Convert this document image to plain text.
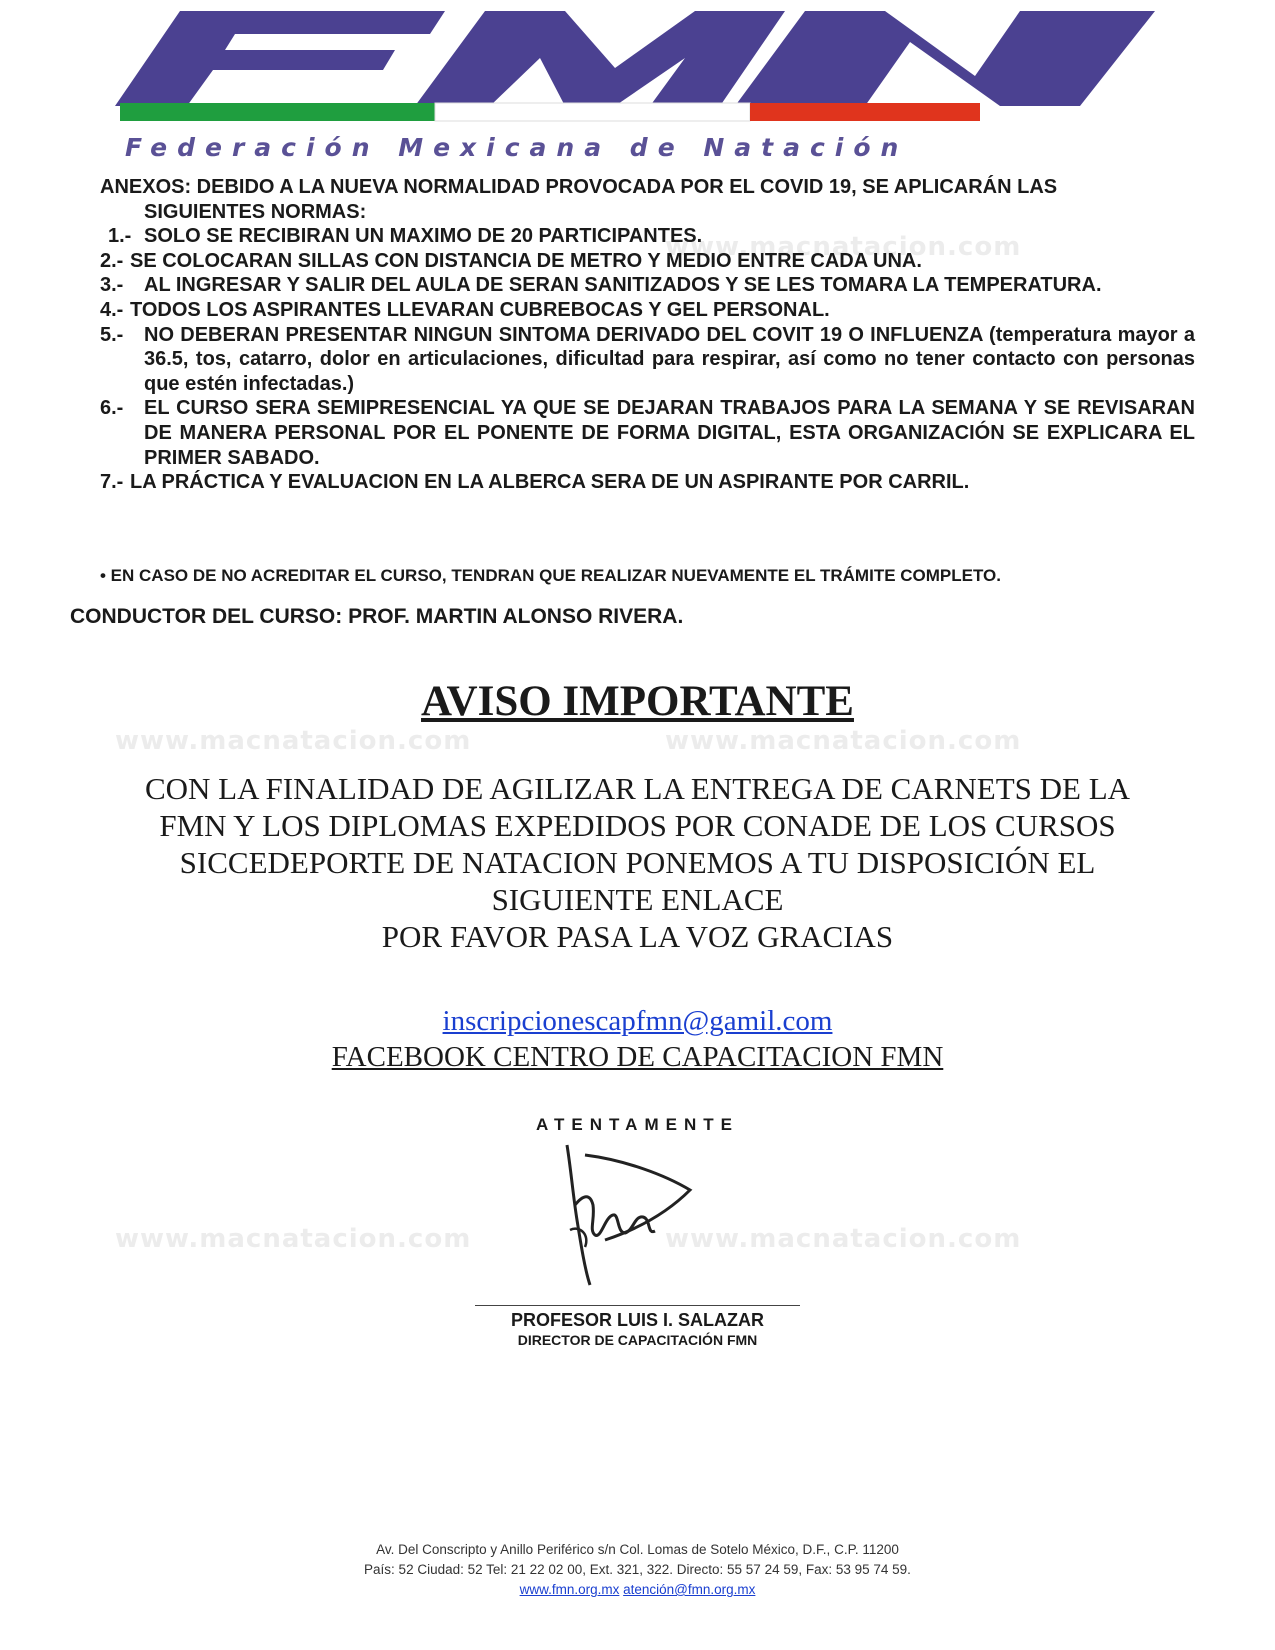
Federación Mexicana de Natación
www.macnatacion.com
www.macnatacion.com	www.macnatacion.com
www.macnatacion.com	www.macnatacion.com
ANEXOS: DEBIDO A LA NUEVA NORMALIDAD PROVOCADA POR EL COVID 19, SE APLICARÁN LAS
SIGUIENTES NORMAS:
1.- SOLO SE RECIBIRAN UN MAXIMO DE 20 PARTICIPANTES.
2.- SE COLOCARAN SILLAS CON DISTANCIA DE METRO Y MEDIO ENTRE CADA UNA.
3.-	AL INGRESAR Y SALIR DEL AULA DE SERAN SANITIZADOS Y SE LES TOMARA LA TEMPERATURA.
4.- TODOS LOS ASPIRANTES LLEVARAN CUBREBOCAS Y GEL PERSONAL.
5.-	NO DEBERAN PRESENTAR NINGUN SINTOMA DERIVADO DEL COVIT 19 O INFLUENZA (temperatura mayor a 36.5, tos, catarro, dolor en articulaciones, dificultad para respirar, así como no tener contacto con personas que estén infectadas.)
6.-	EL CURSO SERA SEMIPRESENCIAL YA QUE SE DEJARAN TRABAJOS PARA LA SEMANA Y SE REVISARAN DE MANERA PERSONAL POR EL PONENTE DE FORMA DIGITAL, ESTA ORGANIZACIÓN SE EXPLICARA EL PRIMER SABADO.
7.- LA PRÁCTICA Y EVALUACION EN LA ALBERCA SERA DE UN ASPIRANTE POR CARRIL.
• EN CASO DE NO ACREDITAR EL CURSO, TENDRAN QUE REALIZAR NUEVAMENTE EL TRÁMITE COMPLETO.
CONDUCTOR DEL CURSO: PROF. MARTIN ALONSO RIVERA.
AVISO IMPORTANTE
CON LA FINALIDAD DE AGILIZAR LA ENTREGA DE CARNETS DE LA
FMN Y LOS DIPLOMAS EXPEDIDOS POR CONADE DE LOS CURSOS
SICCEDEPORTE DE NATACION PONEMOS A TU DISPOSICIÓN EL
SIGUIENTE ENLACE
POR FAVOR PASA LA VOZ GRACIAS
inscripcionescapfmn@gamil.com
FACEBOOK CENTRO DE CAPACITACION FMN
ATENTAMENTE
PROFESOR LUIS I. SALAZAR
DIRECTOR DE CAPACITACIÓN FMN
Av. Del Conscripto y Anillo Periférico s/n Col. Lomas de Sotelo México, D.F., C.P. 11200
País: 52 Ciudad: 52 Tel: 21 22 02 00, Ext. 321, 322. Directo: 55 57 24 59, Fax: 53 95 74 59.
www.fmn.org.mx atención@fmn.org.mx
